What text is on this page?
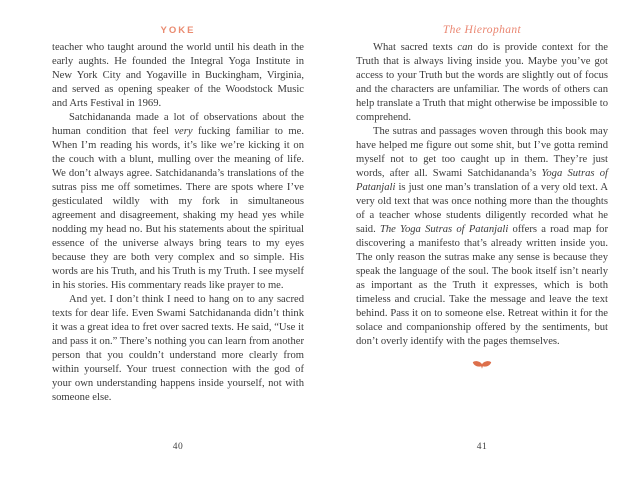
YOKE

teacher who taught around the world until his death in the early aughts. He founded the Integral Yoga Institute in New York City and Yogaville in Buckingham, Virginia, and served as opening speaker of the Woodstock Music and Arts Festival in 1969.

Satchidananda made a lot of observations about the human condition that feel very fucking familiar to me. When I’m reading his words, it’s like we’re kicking it on the couch with a blunt, mulling over the meaning of life. We don’t always agree. Satchidananda’s translations of the sutras piss me off sometimes. There are spots where I’ve gesticulated wildly with my fork in simultaneous agreement and disagreement, shaking my head yes while nodding my head no. But his statements about the spiritual essence of the universe always bring tears to my eyes because they are both very complex and so simple. His words are his Truth, and his Truth is my Truth. I see myself in his stories. His commentary reads like prayer to me.

And yet. I don’t think I need to hang on to any sacred texts for dear life. Even Swami Satchidananda didn’t think it was a great idea to fret over sacred texts. He said, “Use it and pass it on.” There’s nothing you can learn from another person that you couldn’t understand more clearly from within yourself. Your truest connection with the god of your own understanding happens inside yourself, not with someone else.

40
The Hierophant

What sacred texts can do is provide context for the Truth that is always living inside you. Maybe you’ve got access to your Truth but the words are slightly out of focus and the characters are unfamiliar. The words of others can help translate a Truth that might otherwise be impossible to comprehend.

The sutras and passages woven through this book may have helped me figure out some shit, but I’ve gotta remind myself not to get too caught up in them. They’re just words, after all. Swami Satchidananda’s Yoga Sutras of Patanjali is just one man’s translation of a very old text. A very old text that was once nothing more than the thoughts of a teacher whose students diligently recorded what he said. The Yoga Sutras of Patanjali offers a road map for discovering a manifesto that’s already written inside you. The only reason the sutras make any sense is because they speak the language of the soul. The book itself isn’t nearly as important as the Truth it expresses, which is both timeless and crucial. Take the message and leave the text behind. Pass it on to someone else. Retreat within it for the solace and companionship offered by the sentiments, but don’t overly identify with the pages themselves.

41
